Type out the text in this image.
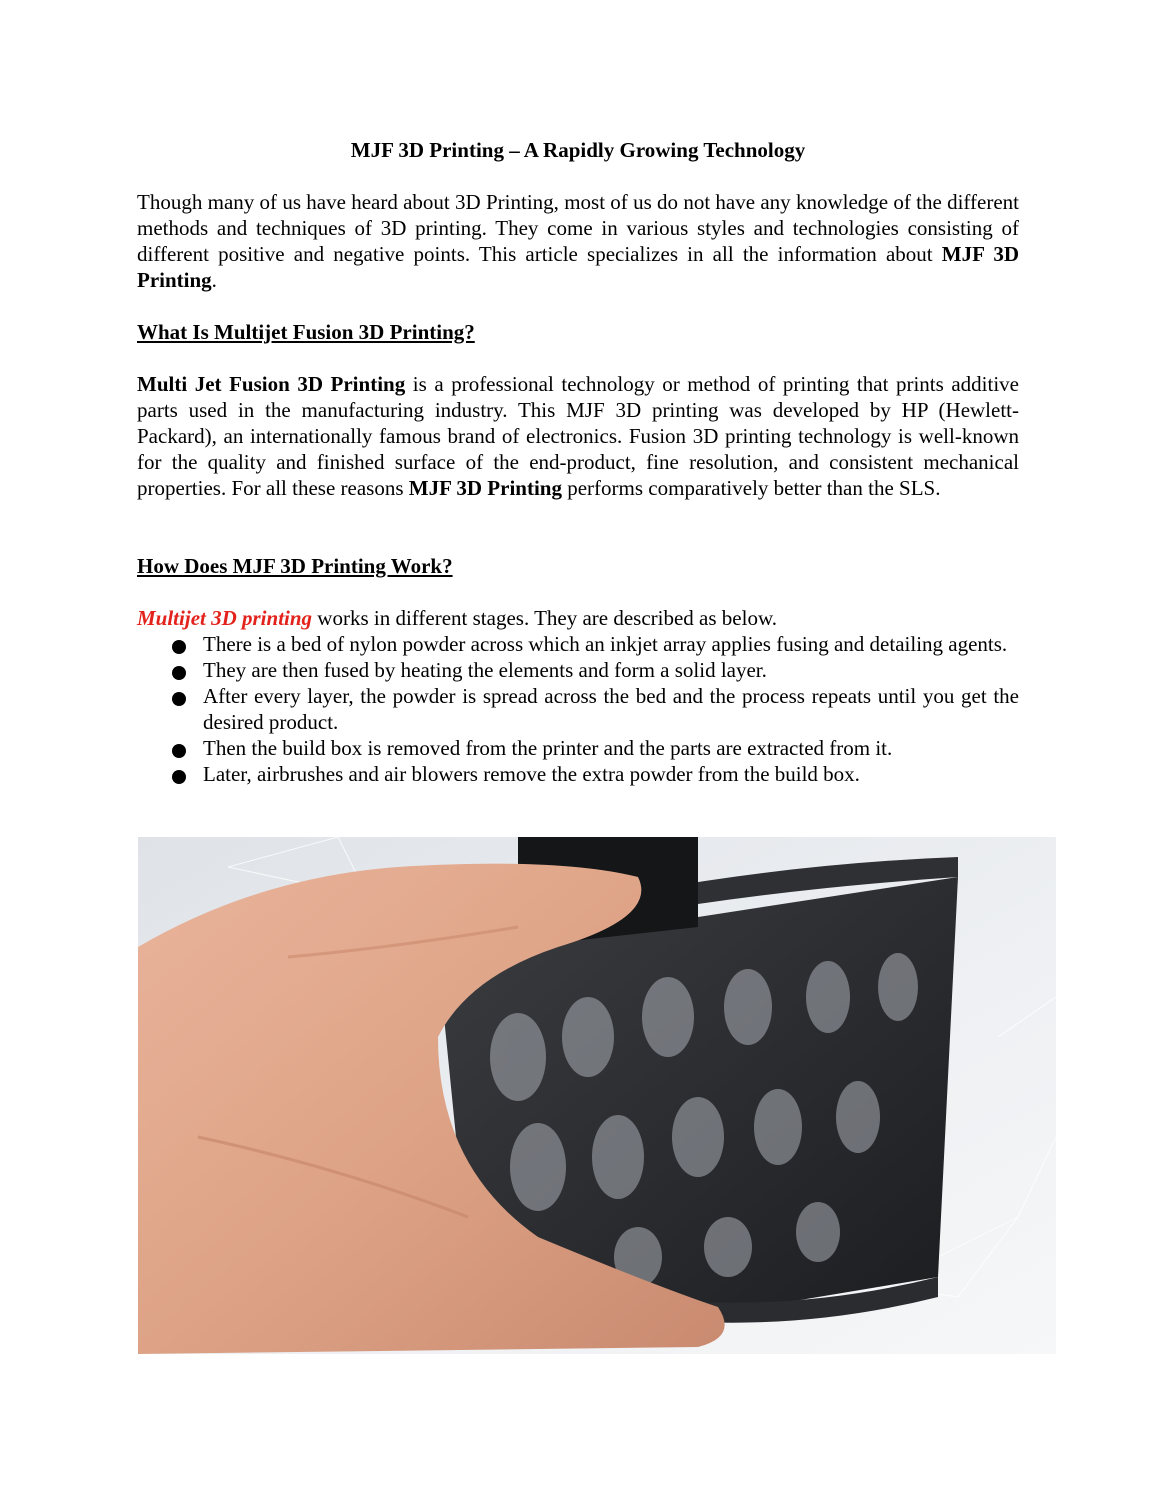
MJF 3D Printing – A Rapidly Growing Technology

Though many of us have heard about 3D Printing, most of us do not have any knowledge of the different methods and techniques of 3D printing. They come in various styles and technologies consisting of different positive and negative points. This article specializes in all the information about MJF 3D Printing.

What Is Multijet Fusion 3D Printing?

Multi Jet Fusion 3D Printing is a professional technology or method of printing that prints additive parts used in the manufacturing industry. This MJF 3D printing was developed by HP (Hewlett-Packard), an internationally famous brand of electronics. Fusion 3D printing technology is well-known for the quality and finished surface of the end-product, fine resolution, and consistent mechanical properties. For all these reasons MJF 3D Printing performs comparatively better than the SLS.

How Does MJF 3D Printing Work?

Multijet 3D printing works in different stages. They are described as below.

There is a bed of nylon powder across which an inkjet array applies fusing and detailing agents.
They are then fused by heating the elements and form a solid layer.
After every layer, the powder is spread across the bed and the process repeats until you get the desired product.
Then the build box is removed from the printer and the parts are extracted from it.
Later, airbrushes and air blowers remove the extra powder from the build box.
